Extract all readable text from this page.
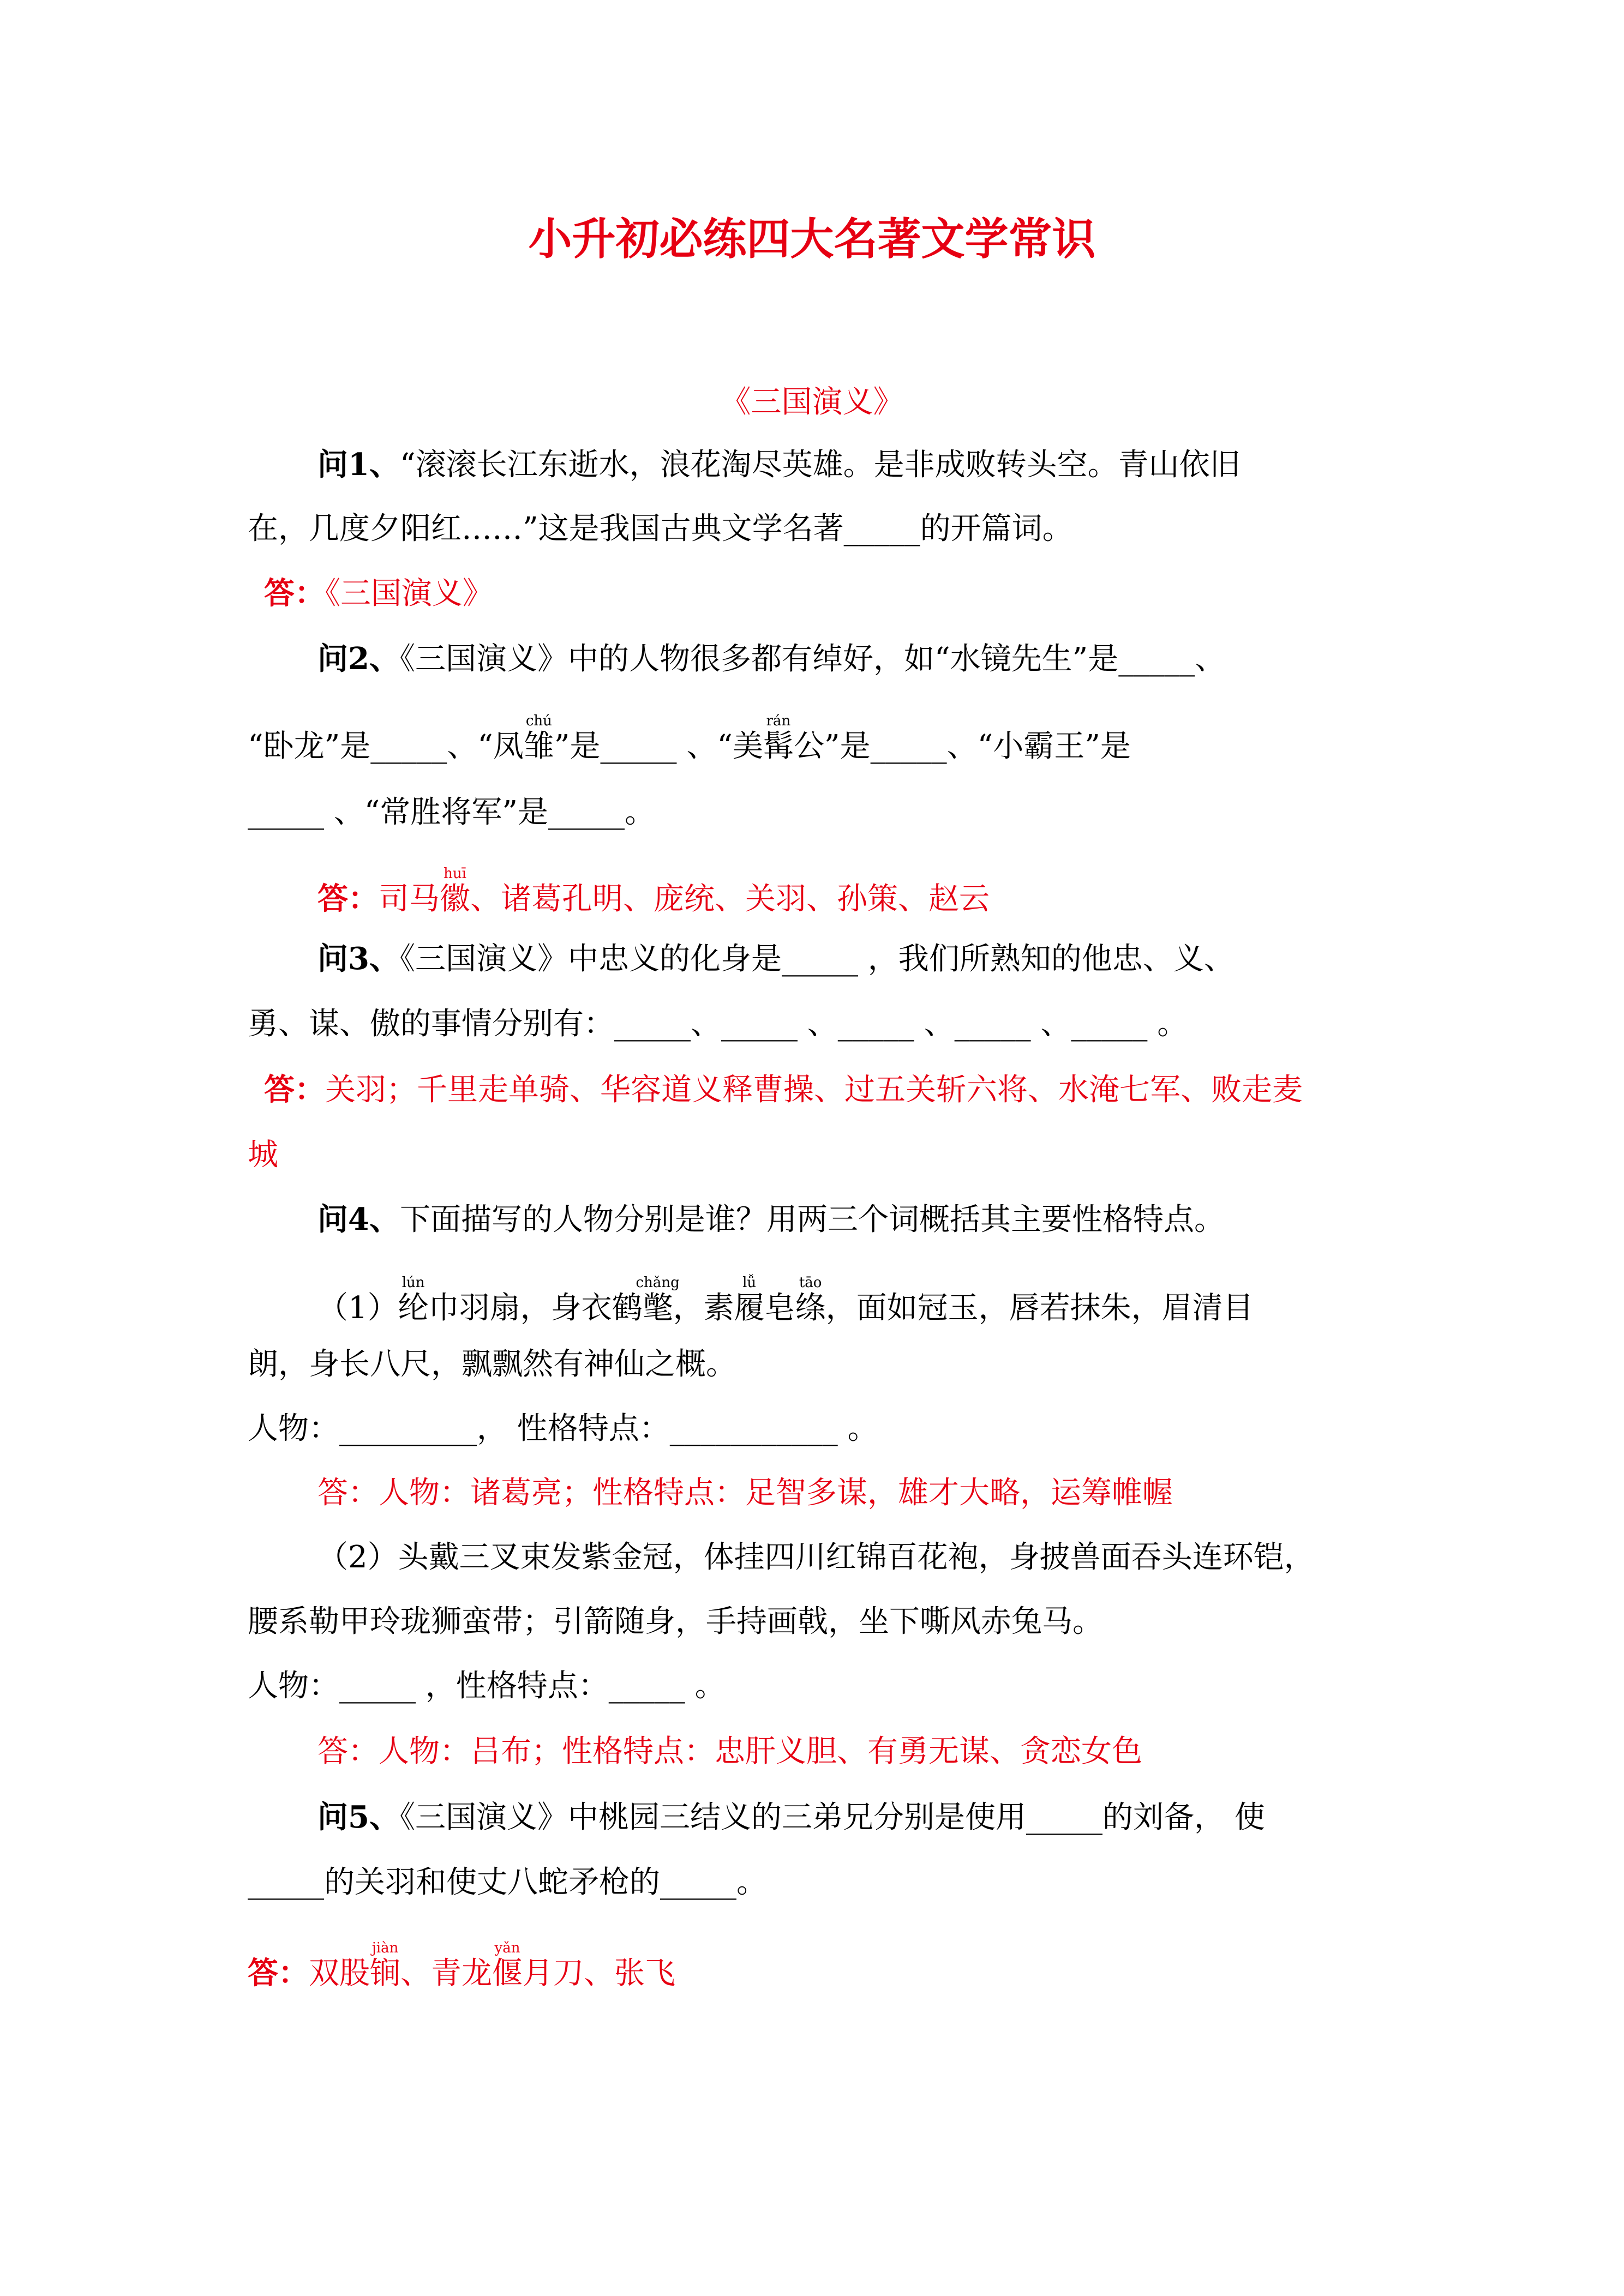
小升初必练四大名著文学常识
《三国演义》
问1、“滚滚长江东逝水，浪花淘尽英雄。是非成败转头空。青山依旧
在，几度夕阳红……”这是我国古典文学名著_____的开篇词。
答：《三国演义》
问2、《三国演义》中的人物很多都有绰好，如“水镜先生”是_____、
“卧龙”是_____、“凤雏chú”是_____ 、“美髯rán公”是_____、“小霸王”是
_____ 、“常胜将军”是_____。
答：司马徽huī、诸葛孔明、庞统、关羽、孙策、赵云
问3、《三国演义》中忠义的化身是_____ ，我们所熟知的他忠、义、
勇、谋、傲的事情分别有：_____、_____ 、_____ 、_____ 、_____ 。
答：关羽；千里走单骑、华容道义释曹操、过五关斩六将、水淹七军、败走麦
城
问4、下面描写的人物分别是谁？用两三个词概括其主要性格特点。
（1）纶lún巾羽扇，身衣鹤氅chǎng，素履lǚ皂绦tāo，面如冠玉，唇若抹朱，眉清目
朗，身长八尺，飘飘然有神仙之概。
人物：_________， 性格特点：___________ 。
答：人物：诸葛亮；性格特点：足智多谋，雄才大略，运筹帷幄
（2）头戴三叉束发紫金冠，体挂四川红锦百花袍，身披兽面吞头连环铠，
腰系勒甲玲珑狮蛮带；引箭随身，手持画戟，坐下嘶风赤兔马。
人物：_____ ，性格特点：_____ 。
答：人物：吕布；性格特点：忠肝义胆、有勇无谋、贪恋女色
问5、《三国演义》中桃园三结义的三弟兄分别是使用_____的刘备， 使
_____的关羽和使丈八蛇矛枪的_____。
答：双股锏jiàn、青龙偃yǎn月刀、张飞
